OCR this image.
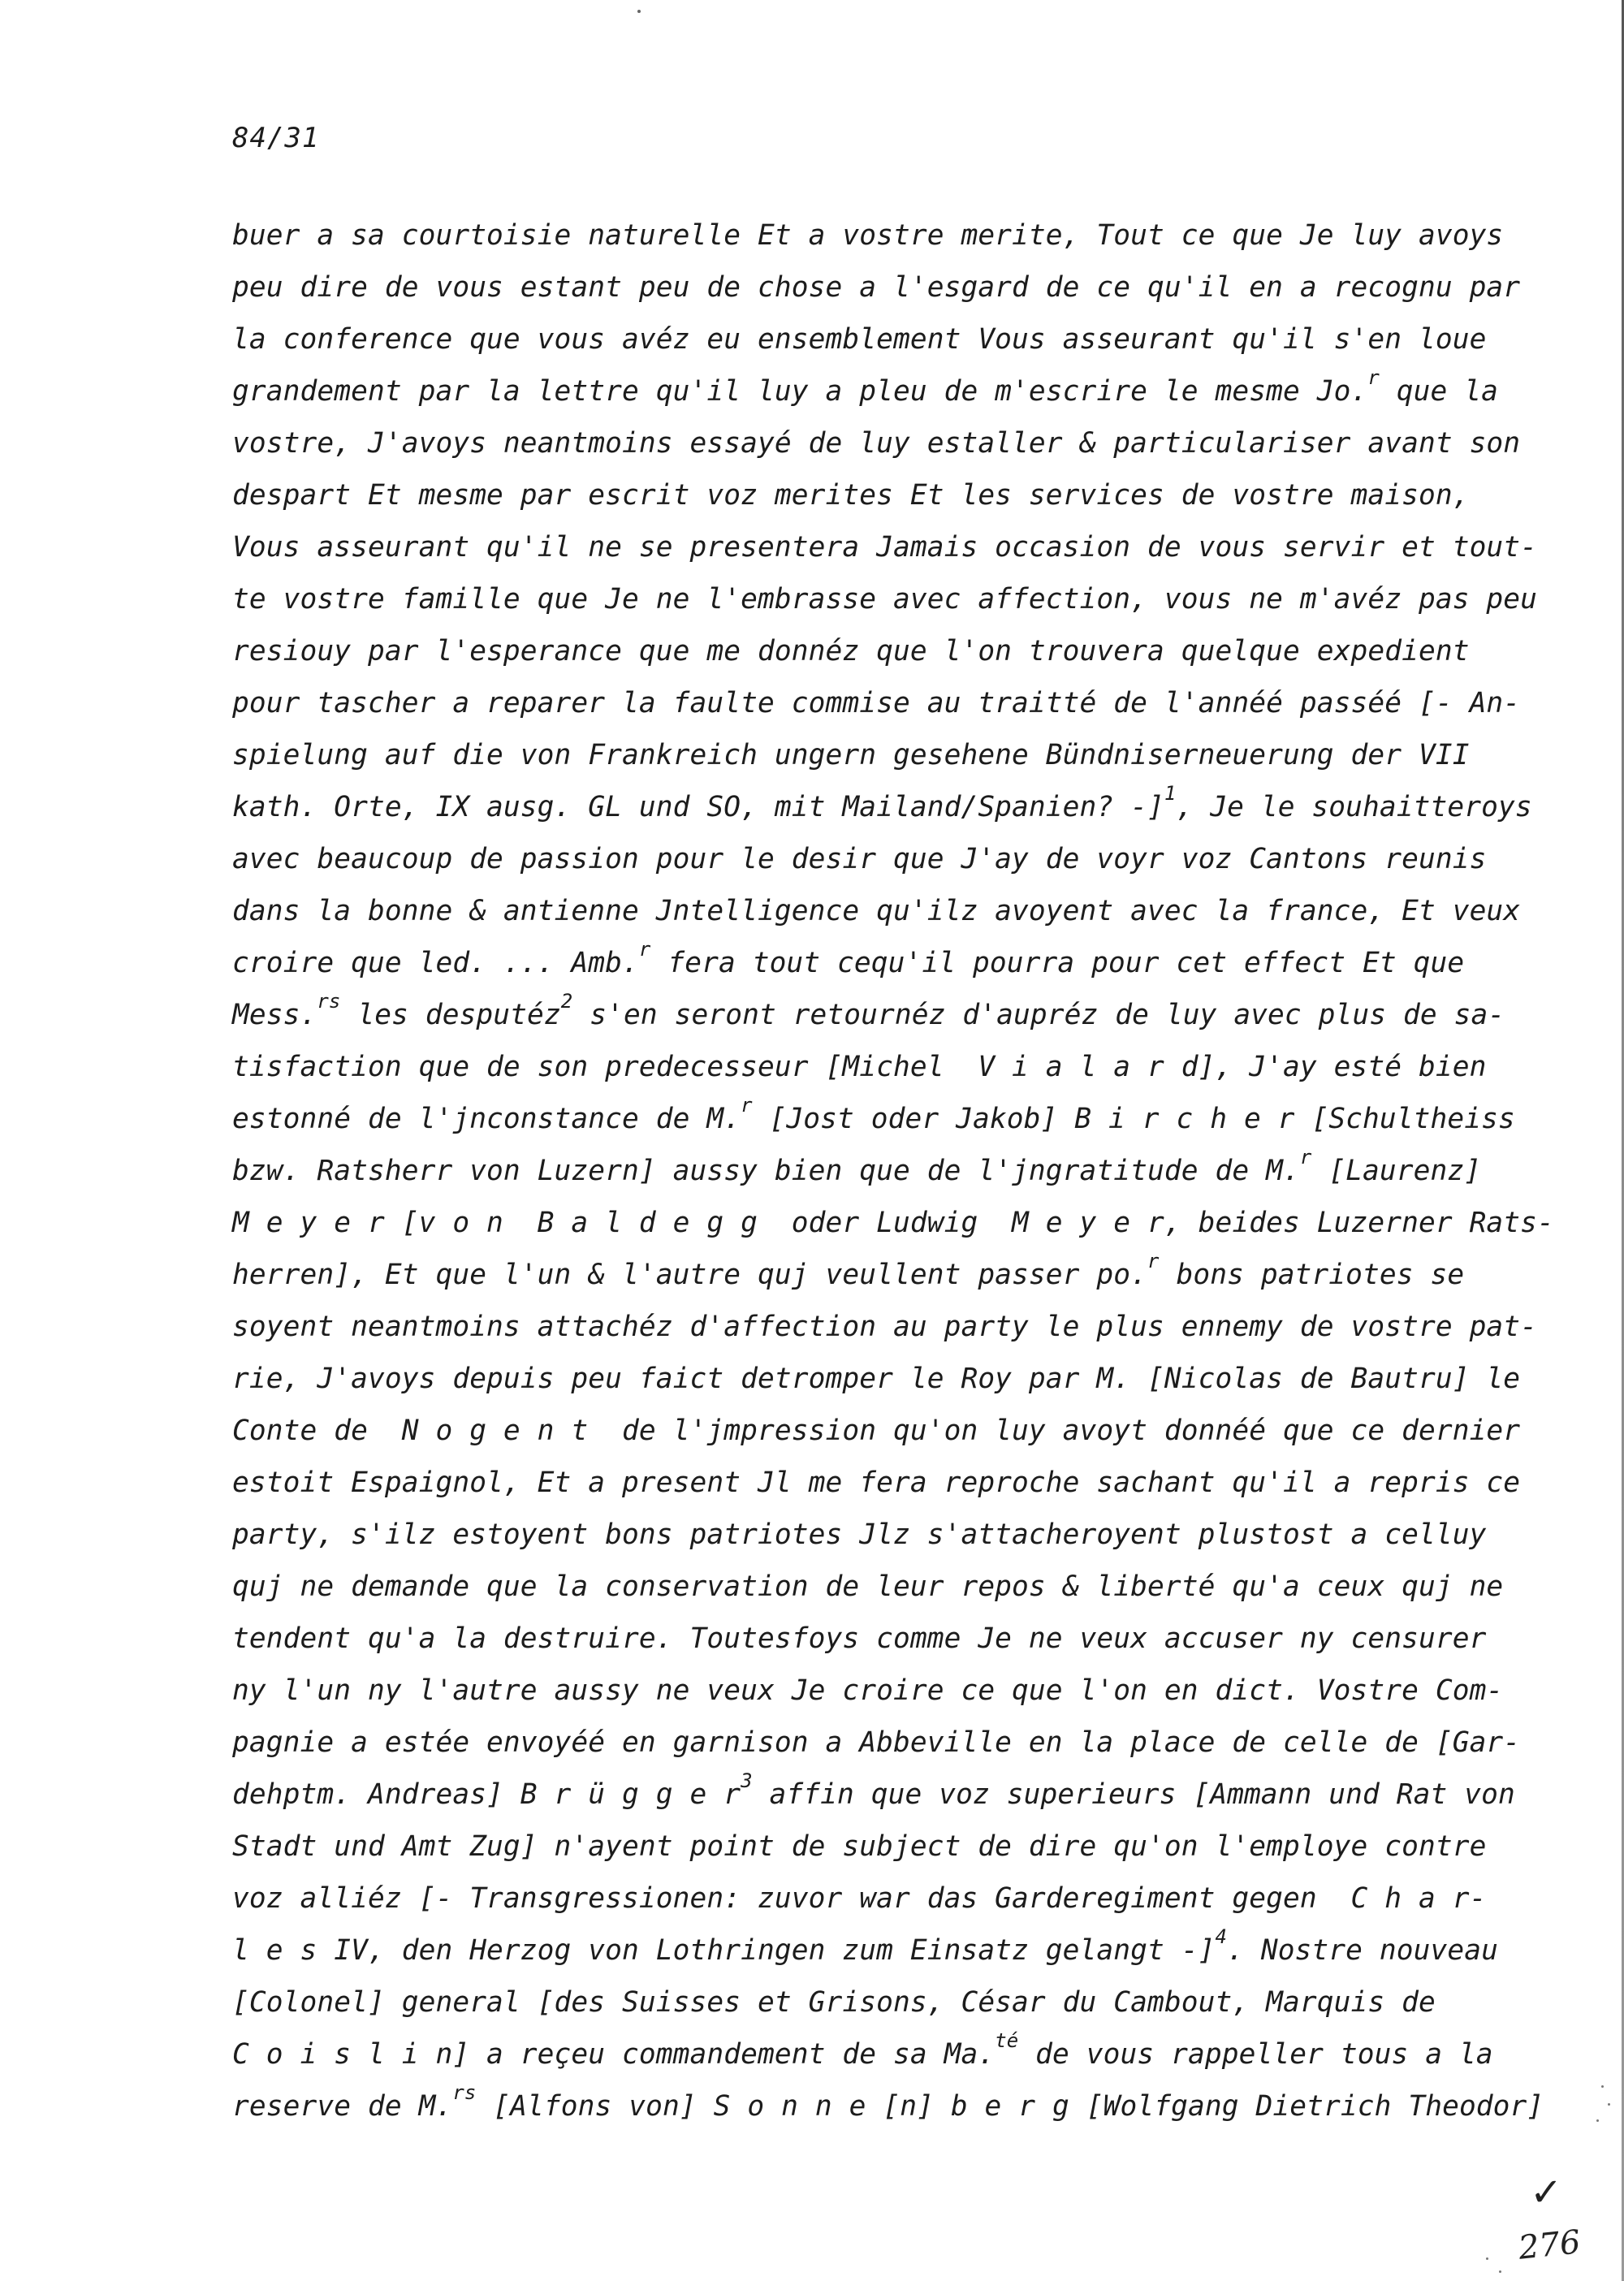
84/31
buer a sa courtoisie naturelle Et a vostre merite, Tout ce que Je luy avoys
peu dire de vous estant peu de chose a l'esgard de ce qu'il en a recognu par
la conference que vous avéz eu ensemblement Vous asseurant qu'il s'en loue
grandement par la lettre qu'il luy a pleu de m'escrire le mesme Jo.$^r$ que la
vostre, J'avoys neantmoins essayé de luy estaller & particulariser avant son
despart Et mesme par escrit voz merites Et les services de vostre maison,
Vous asseurant qu'il ne se presentera Jamais occasion de vous servir et tout-
te vostre famille que Je ne l'embrasse avec affection, vous ne m'avéz pas peu
resiouy par l'esperance que me donnéz que l'on trouvera quelque expedient
pour tascher a reparer la faulte commise au traitté de l'annéé passéé [- An-
spielung auf die von Frankreich ungern gesehene Bündniserneuerung der VII
kath. Orte, IX ausg. GL und SO, mit Mailand/Spanien? -]$^1$, Je le souhaitteroys
avec beaucoup de passion pour le desir que J'ay de voyr voz Cantons reunis
dans la bonne & antienne Jntelligence qu'ilz avoyent avec la france, Et veux
croire que led. ... Amb.$^r$ fera tout cequ'il pourra pour cet effect Et que
Mess.$^{rs}$ les desputéz$^2$ s'en seront retournéz d'aupréz de luy avec plus de sa-
tisfaction que de son predecesseur [Michel  V i a l a r d], J'ay esté bien
estonné de l'jnconstance de M.$^r$ [Jost oder Jakob] B i r c h e r [Schultheiss
bzw. Ratsherr von Luzern] aussy bien que de l'jngratitude de M.$^r$ [Laurenz]
M e y e r [v o n  B a l d e g g  oder Ludwig  M e y e r, beides Luzerner Rats-
herren], Et que l'un & l'autre quj veullent passer po.$^r$ bons patriotes se
soyent neantmoins attachéz d'affection au party le plus ennemy de vostre pat-
rie, J'avoys depuis peu faict detromper le Roy par M. [Nicolas de Bautru] le
Conte de  N o g e n t  de l'jmpression qu'on luy avoyt donnéé que ce dernier
estoit Espaignol, Et a present Jl me fera reproche sachant qu'il a repris ce
party, s'ilz estoyent bons patriotes Jlz s'attacheroyent plustost a celluy
quj ne demande que la conservation de leur repos & liberté qu'a ceux quj ne
tendent qu'a la destruire. Toutesfoys comme Je ne veux accuser ny censurer
ny l'un ny l'autre aussy ne veux Je croire ce que l'on en dict. Vostre Com-
pagnie a estée envoyéé en garnison a Abbeville en la place de celle de [Gar-
dehptm. Andreas] B r ü g g e $r^3$ affin que voz superieurs [Ammann und Rat von
Stadt und Amt Zug] n'ayent point de subject de dire qu'on l'employe contre
voz alliéz [- Transgressionen: zuvor war das Garderegiment gegen  C h a r-
l e s IV, den Herzog von Lothringen zum Einsatz gelangt -]$^4$. Nostre nouveau
[Colonel] general [des Suisses et Grisons, César du Cambout, Marquis de
C o i s l i n] a reçeu commandement de sa Ma.$^{té}$ de vous rappeller tous a la
reserve de M.$^{rs}$ [Alfons von] S o n n e [n] b e r g [Wolfgang Dietrich Theodor]
✓
276
